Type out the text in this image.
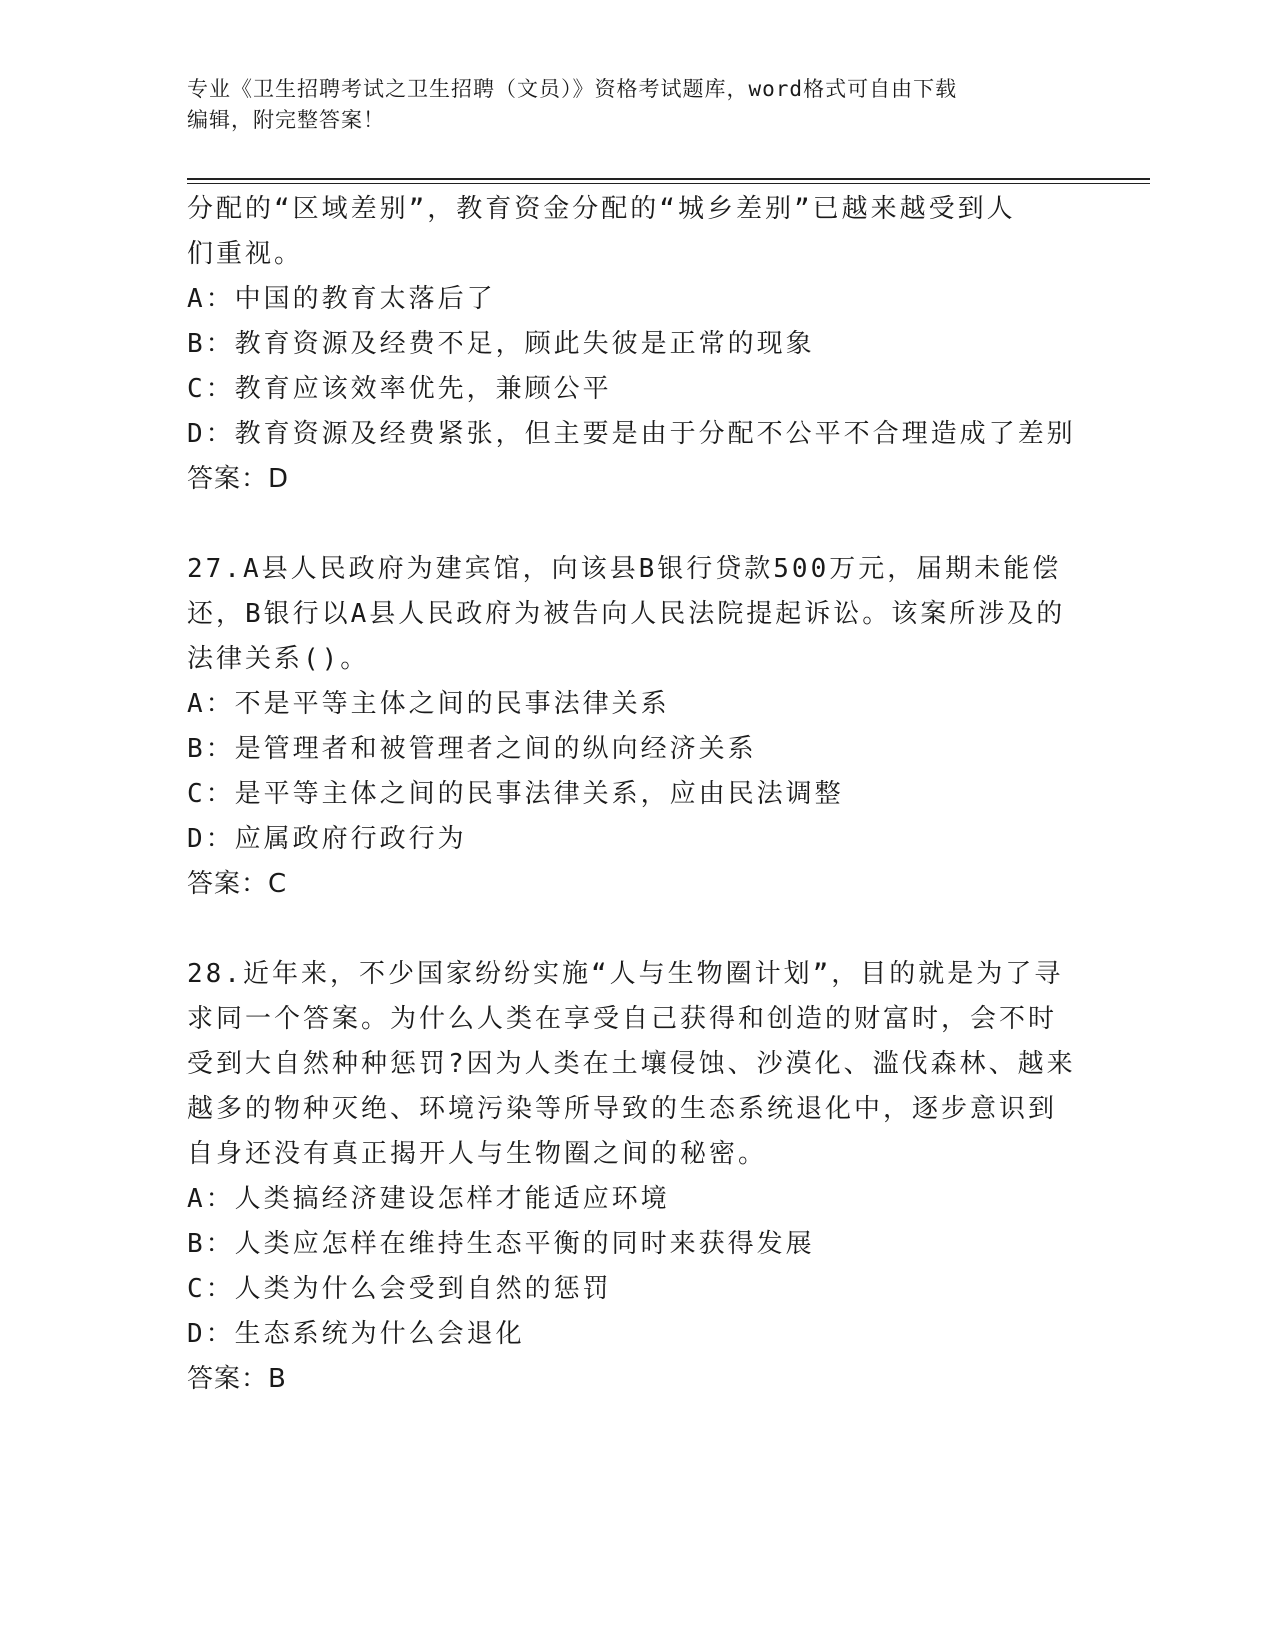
专业《卫生招聘考试之卫生招聘（文员）》资格考试题库，word格式可自由下载
编辑，附完整答案！
分配的“区域差别”，教育资金分配的“城乡差别”已越来越受到人
们重视。
A：中国的教育太落后了
B：教育资源及经费不足，顾此失彼是正常的现象
C：教育应该效率优先，兼顾公平
D：教育资源及经费紧张，但主要是由于分配不公平不合理造成了差别
答案：D
27.A县人民政府为建宾馆，向该县B银行贷款500万元，届期未能偿
还，B银行以A县人民政府为被告向人民法院提起诉讼。该案所涉及的
法律关系()。
A：不是平等主体之间的民事法律关系
B：是管理者和被管理者之间的纵向经济关系
C：是平等主体之间的民事法律关系，应由民法调整
D：应属政府行政行为
答案：C
28.近年来，不少国家纷纷实施“人与生物圈计划”，目的就是为了寻
求同一个答案。为什么人类在享受自己获得和创造的财富时，会不时
受到大自然种种惩罚?因为人类在土壤侵蚀、沙漠化、滥伐森林、越来
越多的物种灭绝、环境污染等所导致的生态系统退化中，逐步意识到
自身还没有真正揭开人与生物圈之间的秘密。
A：人类搞经济建设怎样才能适应环境
B：人类应怎样在维持生态平衡的同时来获得发展
C：人类为什么会受到自然的惩罚
D：生态系统为什么会退化
答案：B
